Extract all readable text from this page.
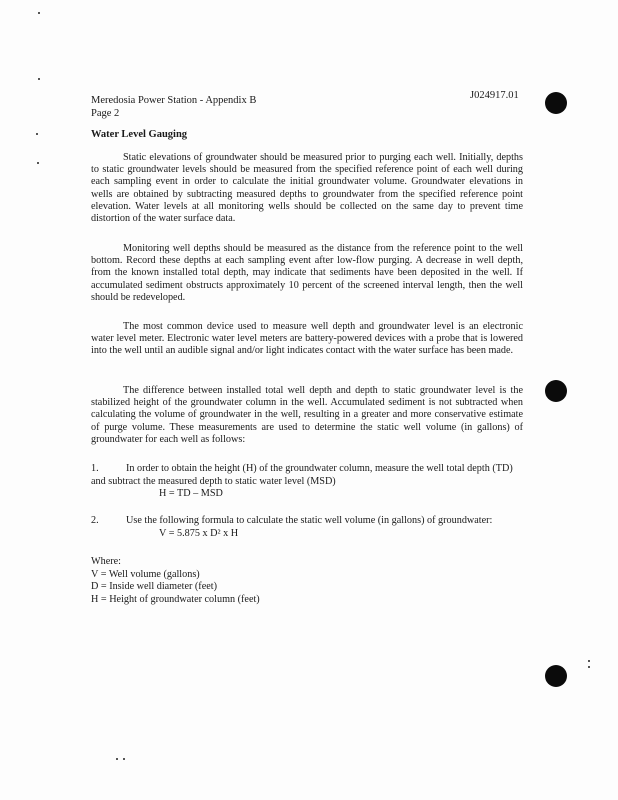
Meredosia Power Station - Appendix B
Page 2
J024917.01
Water Level Gauging

Static elevations of groundwater should be measured prior to purging each well. Initially, depths to static groundwater levels should be measured from the specified reference point of each well during each sampling event in order to calculate the initial groundwater volume. Groundwater elevations in wells are obtained by subtracting measured depths to groundwater from the specified reference point elevation. Water levels at all monitoring wells should be collected on the same day to prevent time distortion of the water surface data.

Monitoring well depths should be measured as the distance from the reference point to the well bottom. Record these depths at each sampling event after low-flow purging. A decrease in well depth, from the known installed total depth, may indicate that sediments have been deposited in the well. If accumulated sediment obstructs approximately 10 percent of the screened interval length, then the well should be redeveloped.

The most common device used to measure well depth and groundwater level is an electronic water level meter. Electronic water level meters are battery-powered devices with a probe that is lowered into the well until an audible signal and/or light indicates contact with the water surface has been made.

The difference between installed total well depth and depth to static groundwater level is the stabilized height of the groundwater column in the well. Accumulated sediment is not subtracted when calculating the volume of groundwater in the well, resulting in a greater and more conservative estimate of purge volume. These measurements are used to determine the static well volume (in gallons) of groundwater for each well as follows:

1.	In order to obtain the height (H) of the groundwater column, measure the well total depth (TD) and subtract the measured depth to static water level (MSD)
H = TD – MSD
2.	Use the following formula to calculate the static well volume (in gallons) of groundwater:
V = 5.875 x D² x H
Where:
V = Well volume (gallons)
D = Inside well diameter (feet)
H = Height of groundwater column (feet)
